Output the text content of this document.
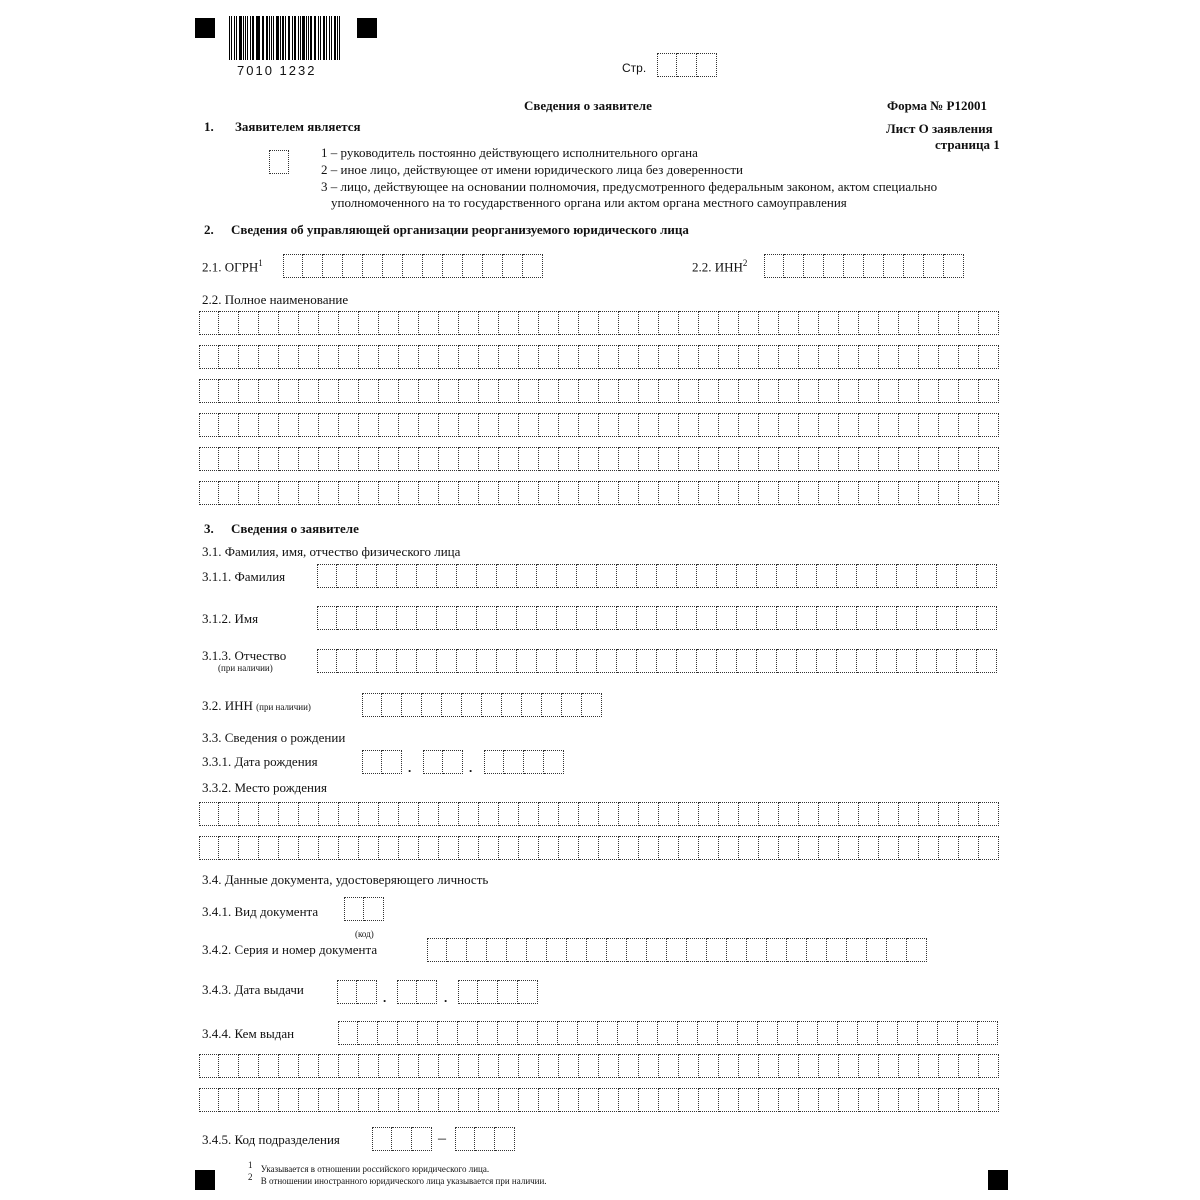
7010 1232	Стр.
Сведения о заявителе	Форма № Р12001
Лист О заявления
страница 1
1. Заявителем является
1 – руководитель постоянно действующего исполнительного органа
2 – иное лицо, действующее от имени юридического лица без доверенности
3 – лицо, действующее на основании полномочия, предусмотренного федеральным законом, актом специально
уполномоченного на то государственного органа или актом органа местного самоуправления
2. Сведения об управляющей организации реорганизуемого юридического лица
2.1. ОГРН$^1$	2.2. ИНН$^2$
2.2. Полное наименование
3. Сведения о заявителе
3.1. Фамилия, имя, отчество физического лица
3.1.1. Фамилия
3.1.2. Имя
3.1.3. Отчество
(при наличии)
3.2. ИНН (при наличии)
3.3. Сведения о рождении
3.3.1. Дата рождения	.	.
3.3.2. Место рождения
3.4. Данные документа, удостоверяющего личность
3.4.1. Вид документа
(код)
3.4.2. Серия и номер документа
3.4.3. Дата выдачи
.	.
3.4.4. Кем выдан
3.4.5. Код подразделения	–
$^1$ Указывается в отношении российского юридического лица.
$^2$ В отношении иностранного юридического лица указывается при наличии.
